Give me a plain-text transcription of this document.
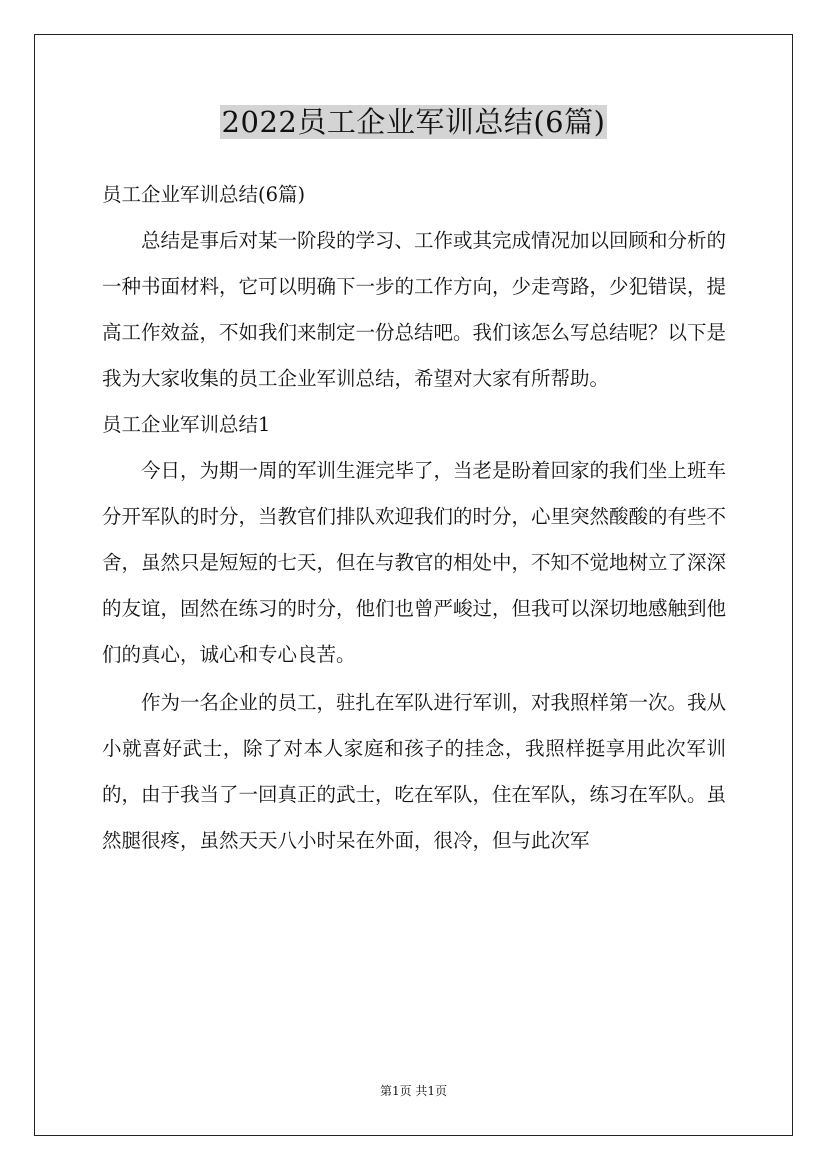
2022员工企业军训总结(6篇)

员工企业军训总结(6篇)

总结是事后对某一阶段的学习、工作或其完成情况加以回顾和分析的一种书面材料，它可以明确下一步的工作方向，少走弯路，少犯错误，提高工作效益，不如我们来制定一份总结吧。我们该怎么写总结呢？以下是我为大家收集的员工企业军训总结，希望对大家有所帮助。

员工企业军训总结1

今日，为期一周的军训生涯完毕了，当老是盼着回家的我们坐上班车分开军队的时分，当教官们排队欢迎我们的时分，心里突然酸酸的有些不舍，虽然只是短短的七天，但在与教官的相处中，不知不觉地树立了深深的友谊，固然在练习的时分，他们也曾严峻过，但我可以深切地感触到他们的真心，诚心和专心良苦。

作为一名企业的员工，驻扎在军队进行军训，对我照样第一次。我从小就喜好武士，除了对本人家庭和孩子的挂念，我照样挺享用此次军训的，由于我当了一回真正的武士，吃在军队，住在军队，练习在军队。虽然腿很疼，虽然天天八小时呆在外面，很冷，但与此次军

第1页 共1页
